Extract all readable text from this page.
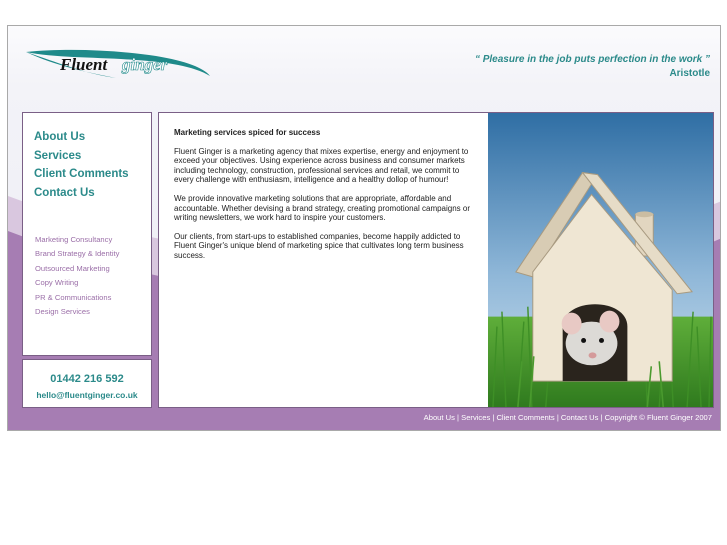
Fluent ginger	“ Pleasure in the job puts perfection in the work ”
Aristotle
About Us
Services
Client Comments
Contact Us
Marketing Consultancy
Brand Strategy & Identity
Outsourced Marketing
Copy Writing
PR & Communications
Design Services
01442 216 592
hello@fluentginger.co.uk
Marketing services spiced for success

Fluent Ginger is a marketing agency that mixes expertise, energy and enjoyment to exceed your objectives. Using experience across business and consumer markets including technology, construction, professional services and retail, we commit to every challenge with enthusiasm, intelligence and a healthy dollop of humour!

We provide innovative marketing solutions that are appropriate, affordable and accountable. Whether devising a brand strategy, creating promotional campaigns or writing newsletters, we work hard to inspire your customers.

Our clients, from start-ups to established companies, become happily addicted to Fluent Ginger's unique blend of marketing spice that cultivates long term business success.

About Us | Services | Client Comments | Contact Us | Copyright © Fluent Ginger 2007
